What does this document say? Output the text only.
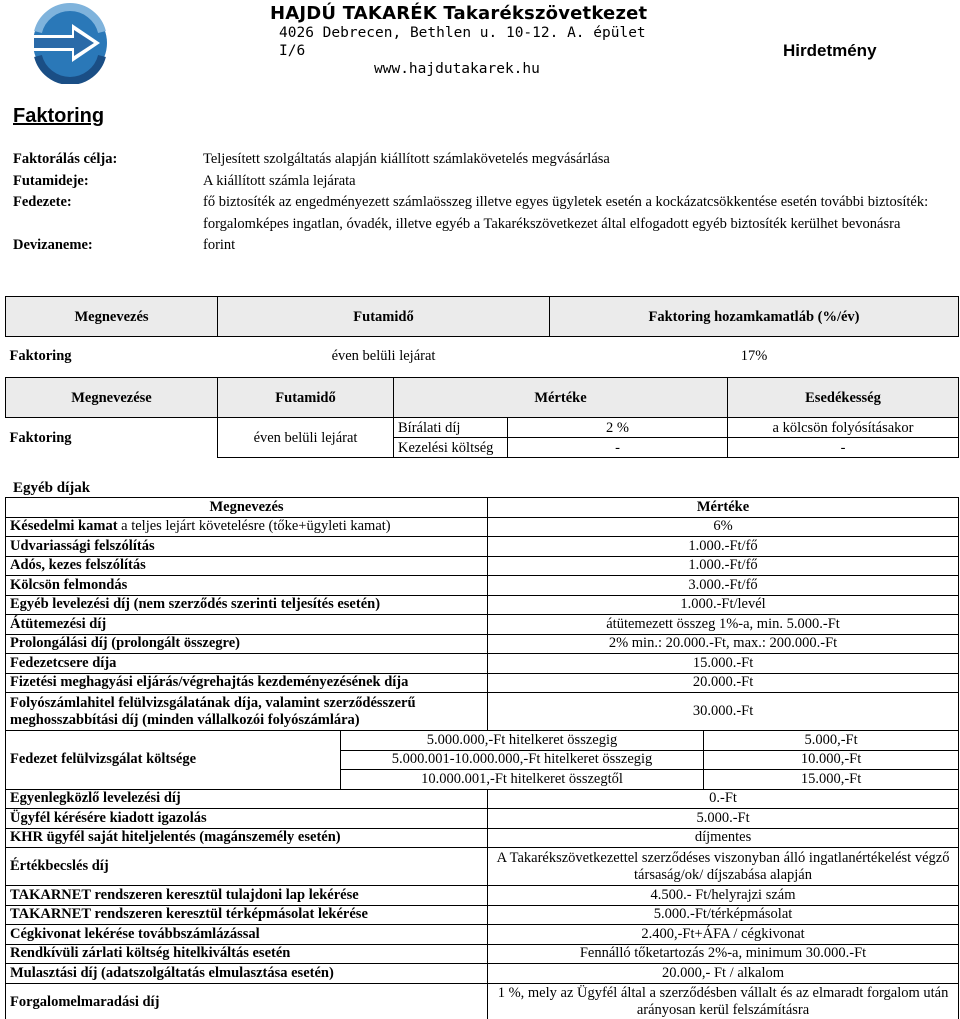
HAJDÚ TAKARÉK Takarékszövetkezet
4026 Debrecen, Bethlen u. 10-12. A. épület I/6
www.hajdutakarek.hu
Hirdetmény
Faktoring
Faktorálás célja:	Teljesített szolgáltatás alapján kiállított számlakövetelés megvásárlása
Futamideje:	A kiállított számla lejárata
Fedezete:	fő biztosíték az engedményezett számlaösszeg illetve egyes ügyletek esetén a kockázatcsökkentése esetén további biztosíték: forgalomképes ingatlan, óvadék, illetve egyéb a Takarékszövetkezet által elfogadott egyéb biztosíték kerülhet bevonásra
Devizaneme:	forint
Megnevezés	Futamidő	Faktoring hozamkamatláb (%/év)
Faktoring	éven belüli lejárat	17%
Megnevezése	Futamidő	Mértéke		Esedékesség
Faktoring	éven belüli lejárat	Bírálati díj	2 %	a kölcsön folyósításakor
		Kezelési költség	-	-
Egyéb díjak
Megnevezés		Mértéke	
Késedelmi kamat a teljes lejárt követelésre (tőke+ügyleti kamat)		6%	
Udvariassági felszólítás		1.000.-Ft/fő	
Adós, kezes felszólítás		1.000.-Ft/fő	
Kölcsön felmondás		3.000.-Ft/fő	
Egyéb levelezési díj (nem szerződés szerinti teljesítés esetén)		1.000.-Ft/levél	
Átütemezési díj		átütemezett összeg 1%-a, min. 5.000.-Ft	
Prolongálási díj (prolongált összegre)		2% min.: 20.000.-Ft, max.: 200.000.-Ft	
Fedezetcsere díja		15.000.-Ft	
Fizetési meghagyási eljárás/végrehajtás kezdeményezésének díja		20.000.-Ft	
Folyószámlahitel felülvizsgálatának díja, valamint szerződésszerű meghosszabbítási díj (minden vállalkozói folyószámlára)		30.000.-Ft	
Fedezet felülvizsgálat költsége	5.000.000,-Ft hitelkeret összegig		5.000,-Ft
	5.000.001-10.000.000,-Ft hitelkeret összegig		10.000,-Ft
	10.000.001,-Ft hitelkeret összegtől		15.000,-Ft
Egyenlegközlő levelezési díj		0.-Ft	
Ügyfél kérésére kiadott igazolás		5.000.-Ft	
KHR ügyfél saját hiteljelentés (magánszemély esetén)		díjmentes	
Értékbecslés díj		A Takarékszövetkezettel szerződéses viszonyban álló ingatlanértékelést végző társaság/ok/ díjszabása alapján	
TAKARNET rendszeren keresztül tulajdoni lap lekérése		4.500.- Ft/helyrajzi szám	
TAKARNET rendszeren keresztül térképmásolat lekérése		5.000.-Ft/térképmásolat	
Cégkivonat lekérése továbbszámlázással		2.400,-Ft+ÁFA / cégkivonat	
Rendkívüli zárlati költség hitelkiváltás esetén		Fennálló tőketartozás 2%-a, minimum 30.000.-Ft	
Mulasztási díj (adatszolgáltatás elmulasztása esetén)		20.000,- Ft / alkalom	
Forgalomelmaradási díj		1 %, mely az Ügyfél által a szerződésben vállalt és az elmaradt forgalom után arányosan kerül felszámításra	
